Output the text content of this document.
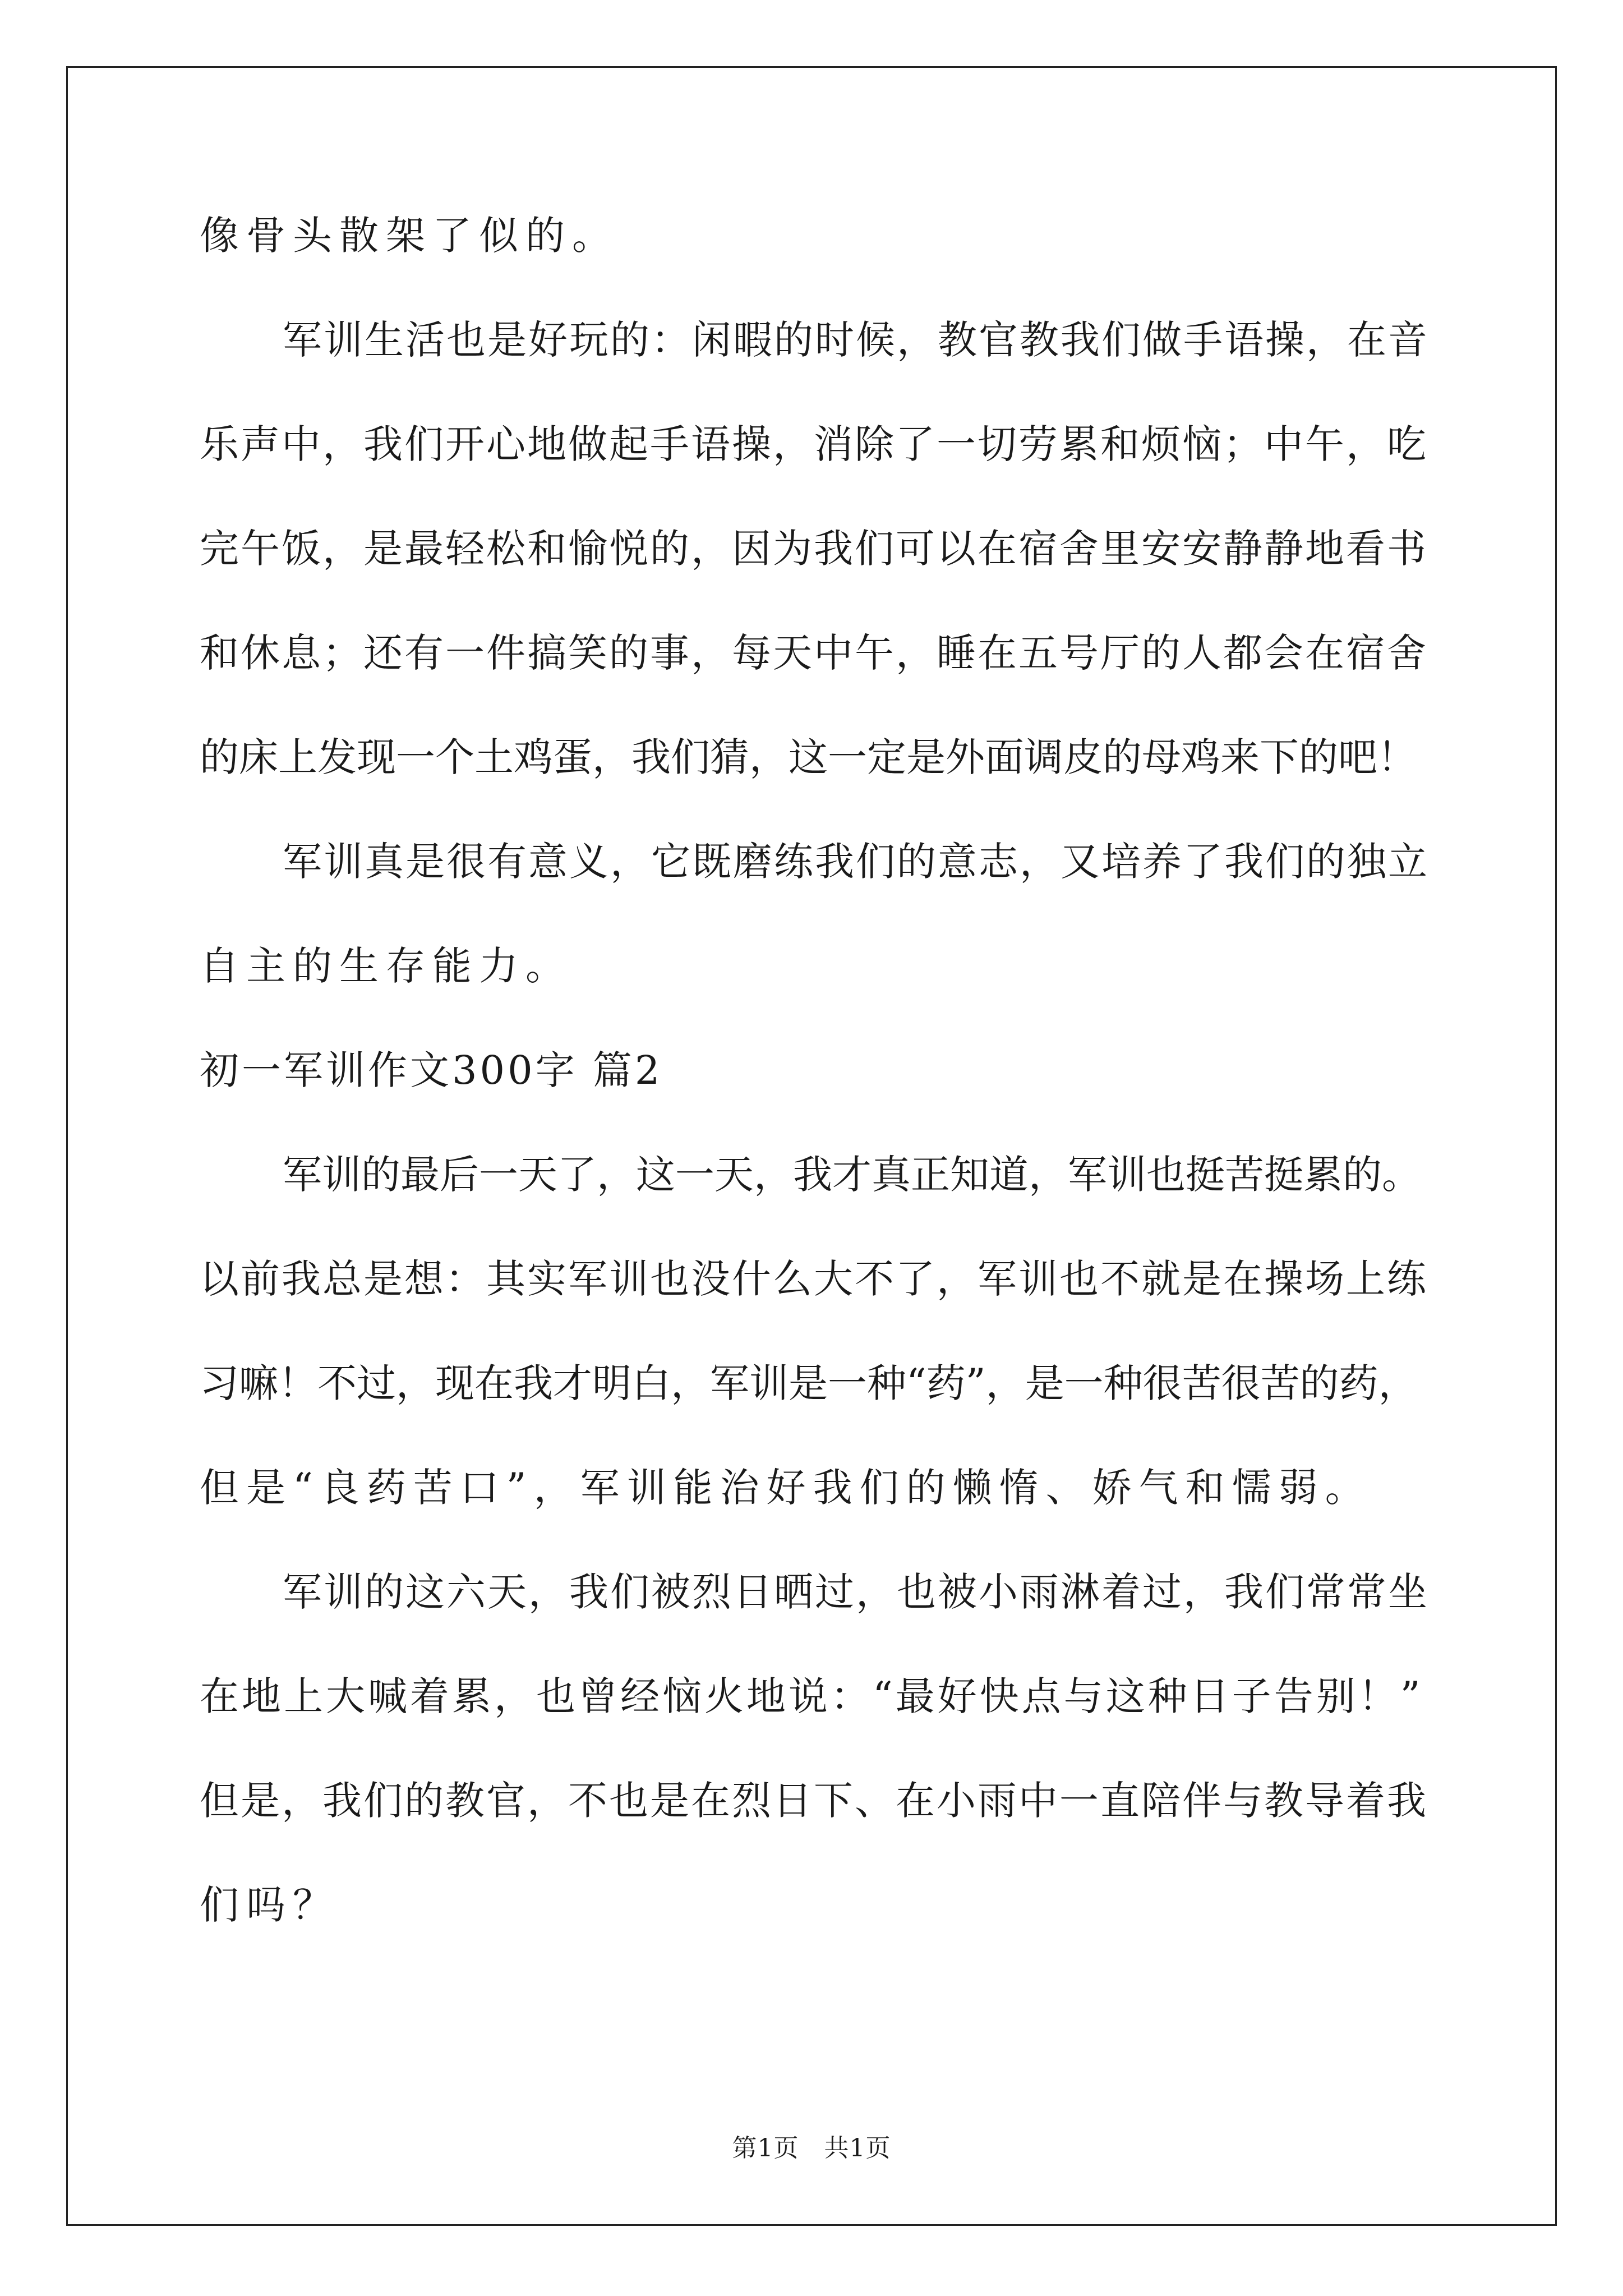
像骨头散架了似的。
军训生活也是好玩的：闲暇的时候，教官教我们做手语操，在音
乐声中，我们开心地做起手语操，消除了一切劳累和烦恼；中午，吃
完午饭，是最轻松和愉悦的，因为我们可以在宿舍里安安静静地看书
和休息；还有一件搞笑的事，每天中午，睡在五号厅的人都会在宿舍
的床上发现一个土鸡蛋，我们猜，这一定是外面调皮的母鸡来下的吧！
军训真是很有意义，它既磨练我们的意志，又培养了我们的独立
自主的生存能力。
初一军训作文300字 篇2
军训的最后一天了，这一天，我才真正知道，军训也挺苦挺累的。
以前我总是想：其实军训也没什么大不了，军训也不就是在操场上练
习嘛！不过，现在我才明白，军训是一种“药”，是一种很苦很苦的药，
但是“良药苦口”，军训能治好我们的懒惰、娇气和懦弱。
军训的这六天，我们被烈日晒过，也被小雨淋着过，我们常常坐
在地上大喊着累，也曾经恼火地说：“最好快点与这种日子告别！”
但是，我们的教官，不也是在烈日下、在小雨中一直陪伴与教导着我
们吗？
第1页   共1页
